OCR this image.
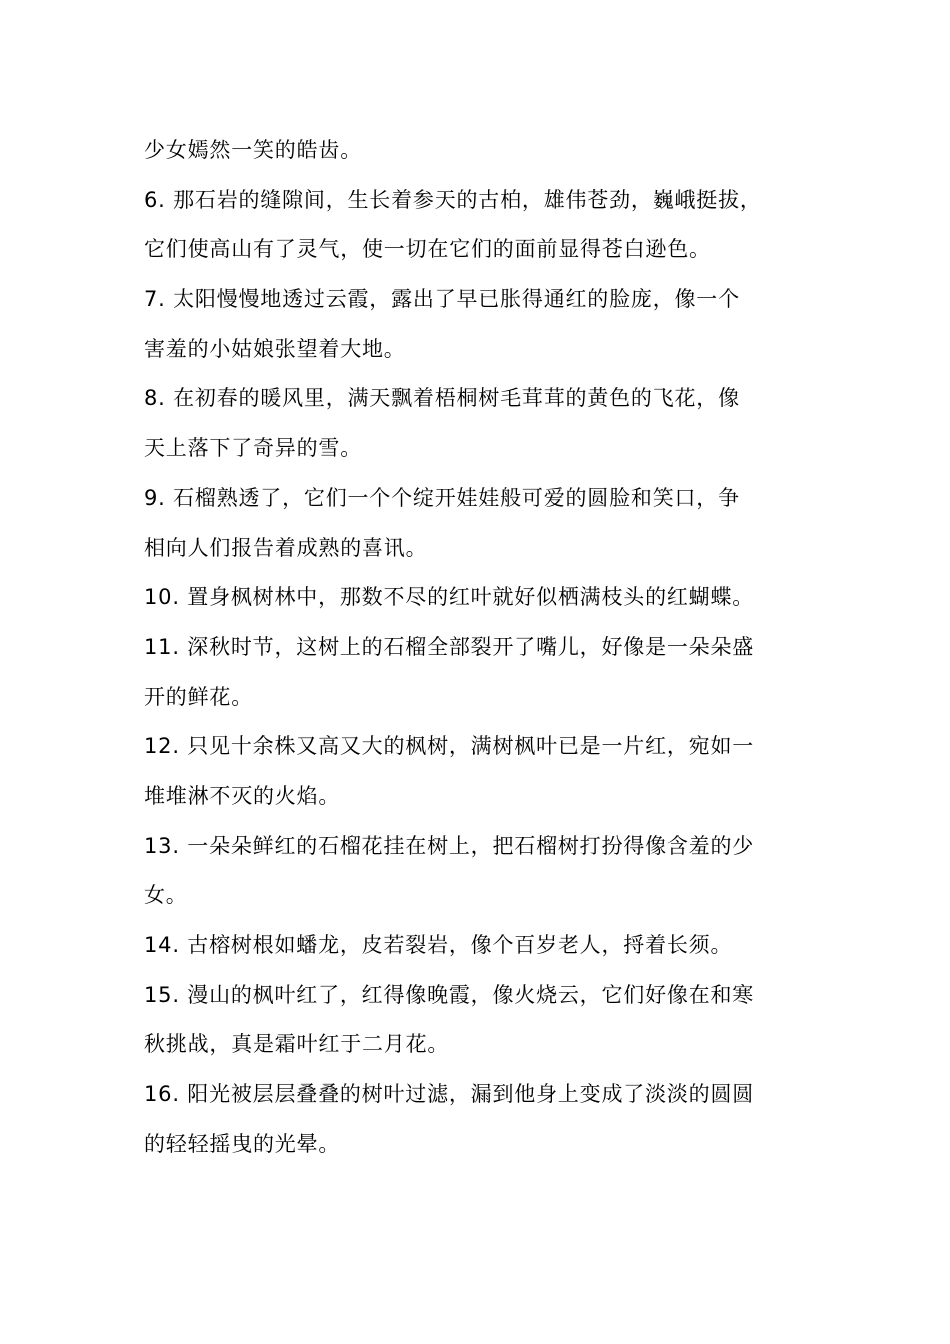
少女嫣然一笑的皓齿。
6. 那石岩的缝隙间，生长着参天的古柏，雄伟苍劲，巍峨挺拔，
它们使高山有了灵气，使一切在它们的面前显得苍白逊色。
7. 太阳慢慢地透过云霞，露出了早已胀得通红的脸庞，像一个
害羞的小姑娘张望着大地。
8. 在初春的暖风里，满天飘着梧桐树毛茸茸的黄色的飞花，像
天上落下了奇异的雪。
9. 石榴熟透了，它们一个个绽开娃娃般可爱的圆脸和笑口，争
相向人们报告着成熟的喜讯。
10. 置身枫树林中，那数不尽的红叶就好似栖满枝头的红蝴蝶。
11. 深秋时节，这树上的石榴全部裂开了嘴儿，好像是一朵朵盛
开的鲜花。
12. 只见十余株又高又大的枫树，满树枫叶已是一片红，宛如一
堆堆淋不灭的火焰。
13. 一朵朵鲜红的石榴花挂在树上，把石榴树打扮得像含羞的少
女。
14. 古榕树根如蟠龙，皮若裂岩，像个百岁老人，捋着长须。
15. 漫山的枫叶红了，红得像晚霞，像火烧云，它们好像在和寒
秋挑战，真是霜叶红于二月花。
16. 阳光被层层叠叠的树叶过滤，漏到他身上变成了淡淡的圆圆
的轻轻摇曳的光晕。
